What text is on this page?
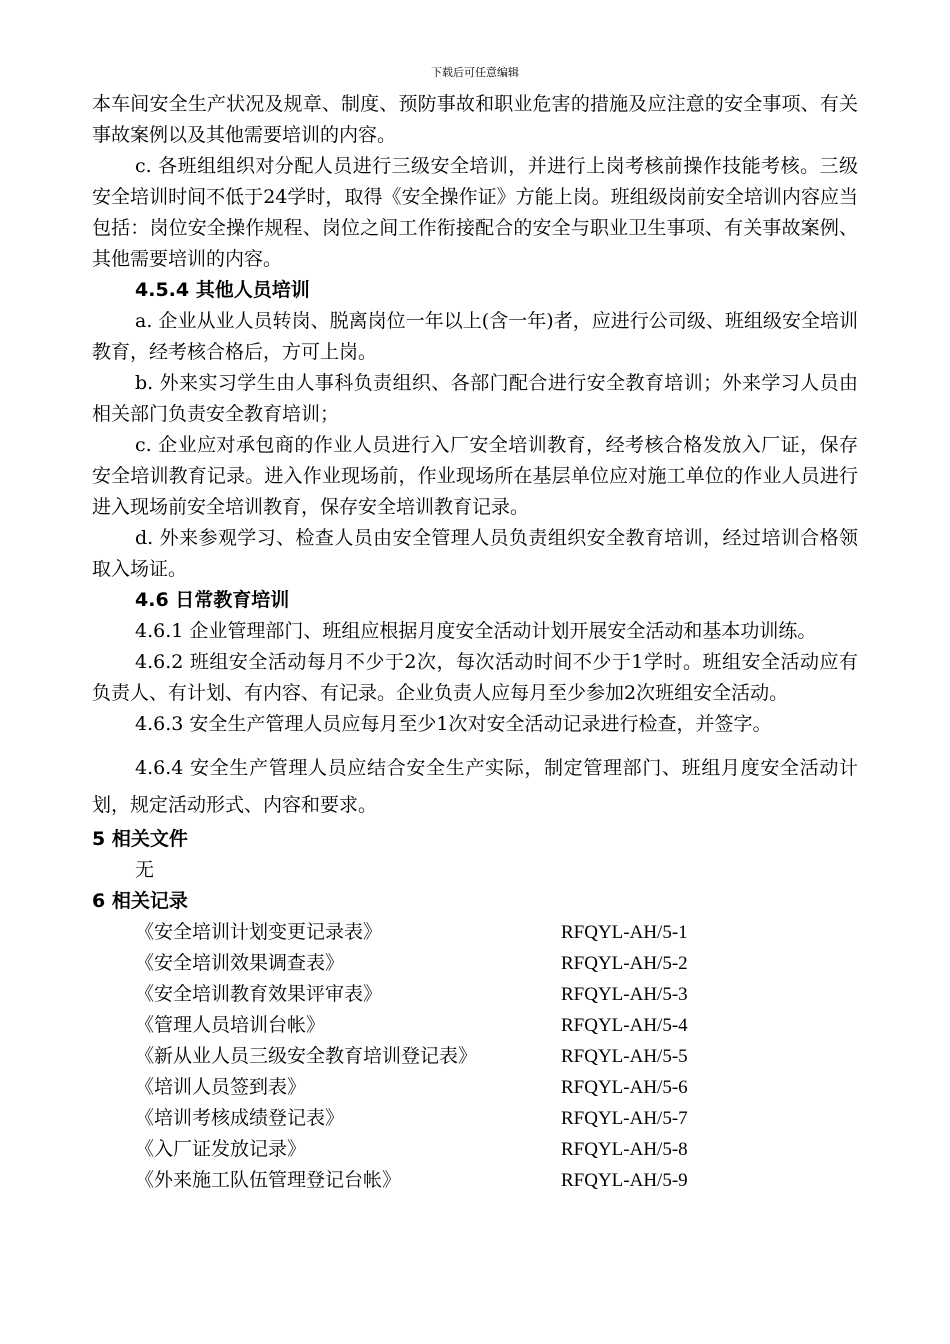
下载后可任意编辑

本车间安全生产状况及规章、制度、预防事故和职业危害的措施及应注意的安全事项、有关事故案例以及其他需要培训的内容。

c. 各班组组织对分配人员进行三级安全培训，并进行上岗考核前操作技能考核。三级安全培训时间不低于24学时，取得《安全操作证》方能上岗。班组级岗前安全培训内容应当包括：岗位安全操作规程、岗位之间工作衔接配合的安全与职业卫生事项、有关事故案例、其他需要培训的内容。

4.5.4 其他人员培训

a. 企业从业人员转岗、脱离岗位一年以上(含一年)者，应进行公司级、班组级安全培训教育，经考核合格后，方可上岗。

b. 外来实习学生由人事科负责组织、各部门配合进行安全教育培训；外来学习人员由相关部门负责安全教育培训；

c. 企业应对承包商的作业人员进行入厂安全培训教育，经考核合格发放入厂证，保存安全培训教育记录。进入作业现场前，作业现场所在基层单位应对施工单位的作业人员进行进入现场前安全培训教育，保存安全培训教育记录。

d. 外来参观学习、检查人员由安全管理人员负责组织安全教育培训，经过培训合格领取入场证。

4.6 日常教育培训

4.6.1 企业管理部门、班组应根据月度安全活动计划开展安全活动和基本功训练。

4.6.2 班组安全活动每月不少于2次，每次活动时间不少于1学时。班组安全活动应有负责人、有计划、有内容、有记录。企业负责人应每月至少参加2次班组安全活动。

4.6.3 安全生产管理人员应每月至少1次对安全活动记录进行检查，并签字。

4.6.4 安全生产管理人员应结合安全生产实际，制定管理部门、班组月度安全活动计划，规定活动形式、内容和要求。

5 相关文件

无

6 相关记录
《安全培训计划变更记录表》	RFQYL-AH/5-1
《安全培训效果调查表》	RFQYL-AH/5-2
《安全培训教育效果评审表》	RFQYL-AH/5-3
《管理人员培训台帐》	RFQYL-AH/5-4
《新从业人员三级安全教育培训登记表》	RFQYL-AH/5-5
《培训人员签到表》	RFQYL-AH/5-6
《培训考核成绩登记表》	RFQYL-AH/5-7
《入厂证发放记录》	RFQYL-AH/5-8
《外来施工队伍管理登记台帐》	RFQYL-AH/5-9
